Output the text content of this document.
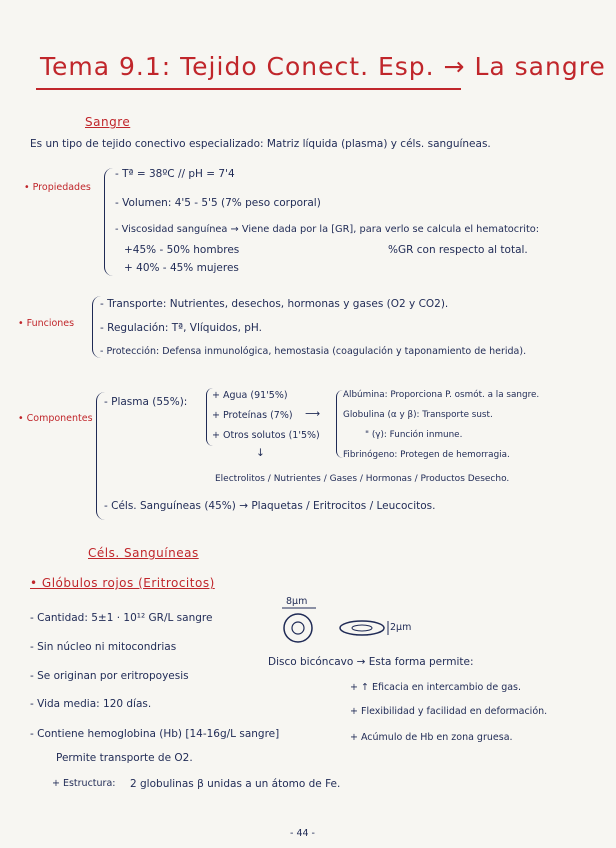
Tema 9.1: Tejido Conect. Esp. → La sangre
Sangre
Es un tipo de tejido conectivo especializado: Matriz líquida (plasma) y céls. sanguíneas.
• Propiedades
- Tª = 38ºC // pH = 7'4
- Volumen: 4'5 - 5'5 (7% peso corporal)
- Viscosidad sanguínea → Viene dada por la [GR], para verlo se calcula el hematocrito:
+45% - 50% hombres
+ 40% - 45% mujeres
%GR con respecto al total.
• Funciones
- Transporte: Nutrientes, desechos, hormonas y gases (O2 y CO2).
- Regulación: Tª, Vlíquidos, pH.
- Protección: Defensa inmunológica, hemostasia (coagulación y taponamiento de herida).
• Componentes
- Plasma (55%):
+ Agua (91'5%)
+ Proteínas (7%)
+ Otros solutos (1'5%)
⟶
↓
Albúmina: Proporciona P. osmót. a la sangre.
Globulina (α y β): Transporte sust.
" (γ): Función inmune.
Fibrinógeno: Protegen de hemorragia.
Electrolitos / Nutrientes / Gases / Hormonas / Productos Desecho.
- Céls. Sanguíneas (45%) → Plaquetas / Eritrocitos / Leucocitos.
Céls. Sanguíneas
• Glóbulos rojos (Eritrocitos)
- Cantidad: 5±1 · 10¹² GR/L sangre
- Sin núcleo ni mitocondrias
- Se originan por eritropoyesis
- Vida media: 120 días.
- Contiene hemoglobina (Hb) [14-16g/L sangre]
Permite transporte de O2.
+ Estructura: 2 globulinas β unidas a un átomo de Fe.
8μm
2μm
Disco bicóncavo → Esta forma permite:
+ ↑ Eficacia en intercambio de gas.
+ Flexibilidad y facilidad en deformación.
+ Acúmulo de Hb en zona gruesa.
- 44 -
